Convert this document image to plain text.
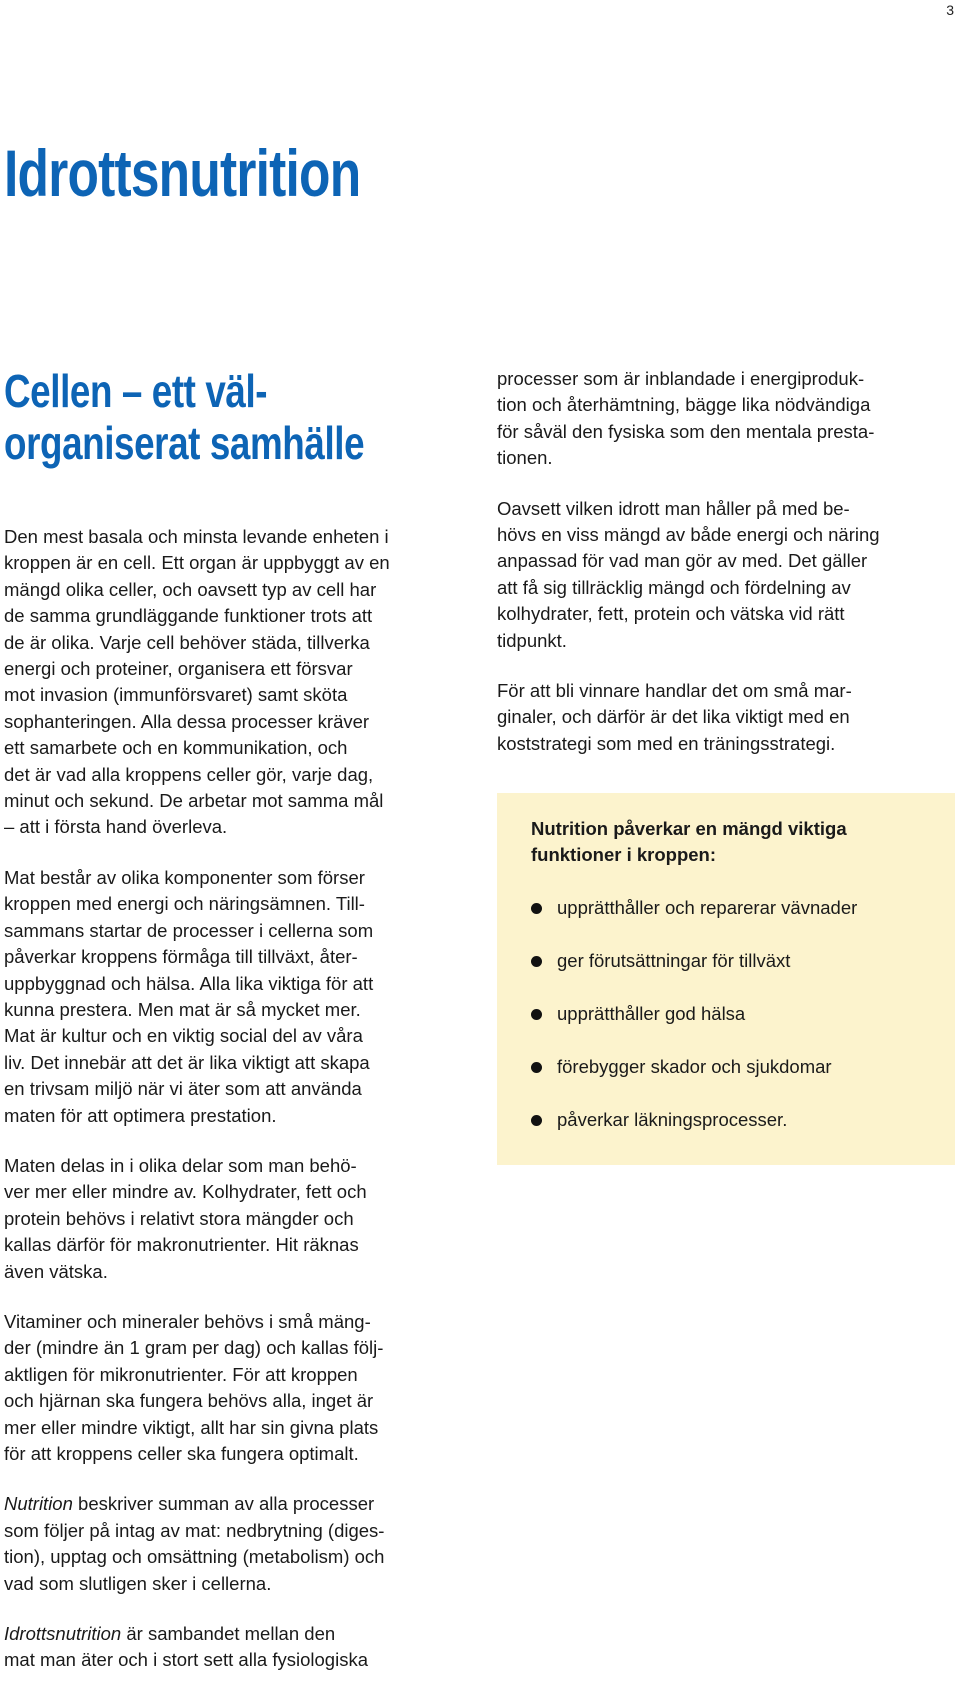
3
Idrottsnutrition
Cellen – ett väl-
organiserat samhälle

Den mest basala och minsta levande enheten i
kroppen är en cell. Ett organ är uppbyggt av en
mängd olika celler, och oavsett typ av cell har
de samma grundläggande funktioner trots att
de är olika. Varje cell behöver städa, tillverka
energi och proteiner, organisera ett försvar
mot invasion (immunförsvaret) samt sköta
sophanteringen. Alla dessa processer kräver
ett samarbete och en kommunikation, och
det är vad alla kroppens celler gör, varje dag,
minut och sekund. De arbetar mot samma mål
– att i första hand överleva.

Mat består av olika komponenter som förser
kroppen med energi och näringsämnen. Till-
sammans startar de processer i cellerna som
påverkar kroppens förmåga till tillväxt, åter-
uppbyggnad och hälsa. Alla lika viktiga för att
kunna prestera. Men mat är så mycket mer.
Mat är kultur och en viktig social del av våra
liv. Det innebär att det är lika viktigt att skapa
en trivsam miljö när vi äter som att använda
maten för att optimera prestation.

Maten delas in i olika delar som man behö-
ver mer eller mindre av. Kolhydrater, fett och
protein behövs i relativt stora mängder och
kallas därför för makronutrienter. Hit räknas
även vätska.

Vitaminer och mineraler behövs i små mäng-
der (mindre än 1 gram per dag) och kallas följ-
aktligen för mikronutrienter. För att kroppen
och hjärnan ska fungera behövs alla, inget är
mer eller mindre viktigt, allt har sin givna plats
för att kroppens celler ska fungera optimalt.

Nutrition beskriver summan av alla processer
som följer på intag av mat: nedbrytning (diges-
tion), upptag och omsättning (metabolism) och
vad som slutligen sker i cellerna.

Idrottsnutrition är sambandet mellan den
mat man äter och i stort sett alla fysiologiska

processer som är inblandade i energiproduk-
tion och återhämtning, bägge lika nödvändiga
för såväl den fysiska som den mentala presta-
tionen.

Oavsett vilken idrott man håller på med be-
hövs en viss mängd av både energi och näring
anpassad för vad man gör av med. Det gäller
att få sig tillräcklig mängd och fördelning av
kolhydrater, fett, protein och vätska vid rätt
tidpunkt.

För att bli vinnare handlar det om små mar-
ginaler, och därför är det lika viktigt med en
koststrategi som med en träningsstrategi.

Nutrition påverkar en mängd viktiga
funktioner i kroppen:
upprätthåller och reparerar vävnader
ger förutsättningar för tillväxt
upprätthåller god hälsa
förebygger skador och sjukdomar
påverkar läkningsprocesser.
